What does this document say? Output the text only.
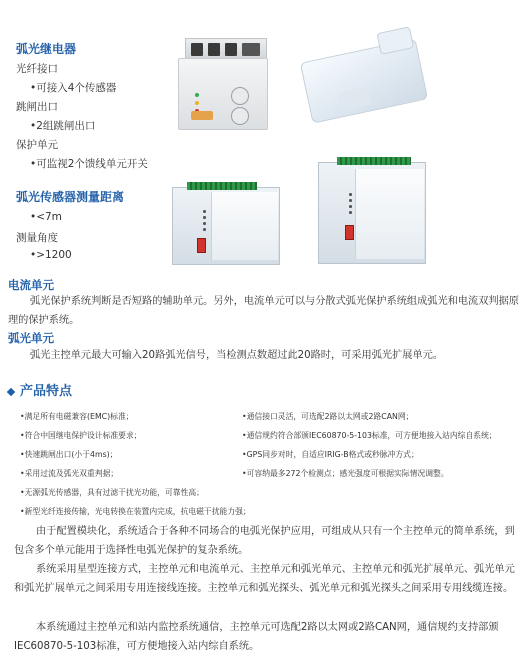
弧光继电器
光纤接口
•可接入4个传感器
跳闸出口
•2组跳闸出口
保护单元
•可监视2个馈线单元开关
弧光传感器测量距离
•<7m
测量角度
•>1200
电流单元
弧光保护系统判断是否短路的辅助单元。另外，电流单元可以与分散式弧光保护系统组成弧光和电流双判据原理的保护系统。
弧光单元
弧光主控单元最大可输入20路弧光信号，当检测点数超过此20路时，可采用弧光扩展单元。
产品特点
•满足所有电磁兼容(EMC)标准；
•符合中国继电保护设计标准要求；
•快速跳闸出口(小于4ms)；
•采用过流及弧光双重判据；
•无源弧光传感器，具有过滤干扰光功能，可靠性高；
•新型光纤连接传输，光电转换在装置内完成，抗电磁干扰能力强；
•通信接口灵活，可选配2路以太网或2路CAN网；
•通信规约符合部颁IEC60870-5-103标准，可方便地接入站内综自系统；
•GPS同步对时，自适应IRIG-B格式或秒脉冲方式；
•可容纳最多272个检测点；感光强度可根据实际情况调整。
由于配置模块化，系统适合于各种不同场合的电弧光保护应用，可组成从只有一个主控单元的简单系统，到包含多个单元能用于选择性电弧光保护的复杂系统。
系统采用星型连接方式，主控单元和电流单元、主控单元和弧光单元、主控单元和弧光扩展单元、弧光单元和弧光扩展单元之间采用专用连接线连接。主控单元和弧光探头、弧光单元和弧光探头之间采用专用线缆连接。
本系统通过主控单元和站内监控系统通信，主控单元可选配2路以太网或2路CAN网，通信规约支持部颁IEC60870-5-103标准，可方便地接入站内综自系统。
